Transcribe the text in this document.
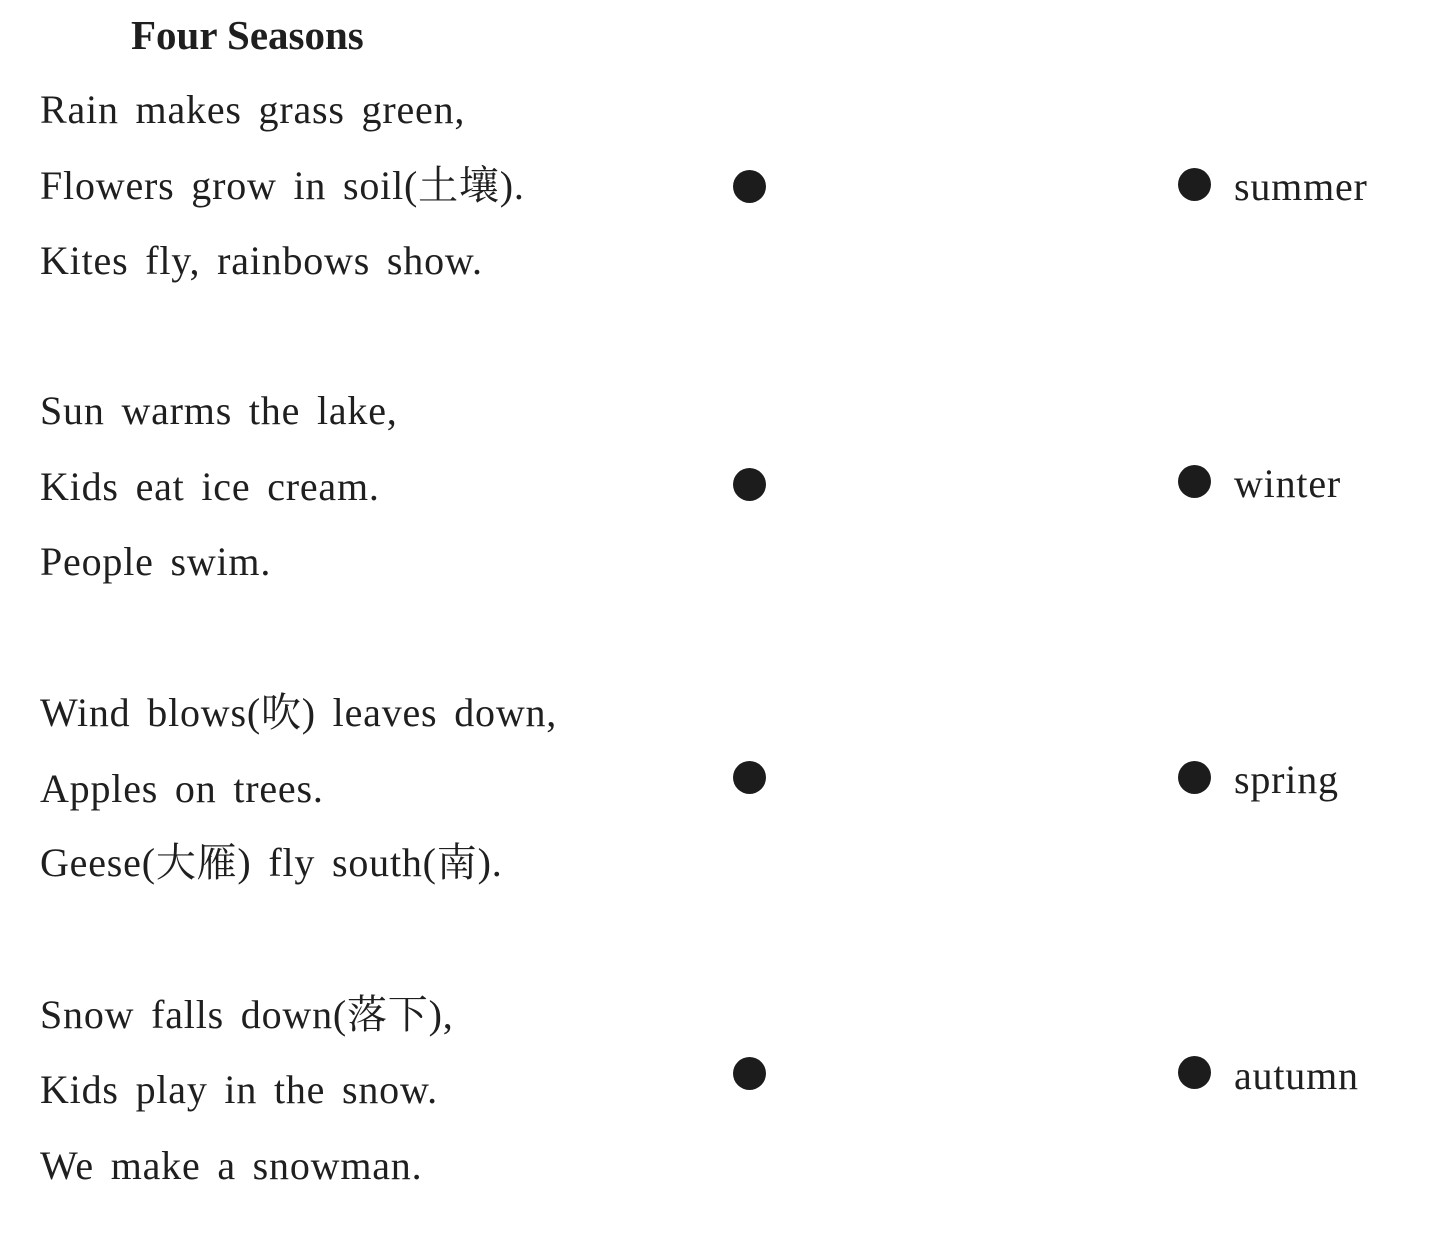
Four Seasons
Rain makes grass green,
Flowers grow in soil(土壤).
Kites fly, rainbows show.
Sun warms the lake,
Kids eat ice cream.
People swim.
Wind blows(吹) leaves down,
Apples on trees.
Geese(大雁) fly south(南).
Snow falls down(落下),
Kids play in the snow.
We make a snowman.
summer
winter
spring
autumn
